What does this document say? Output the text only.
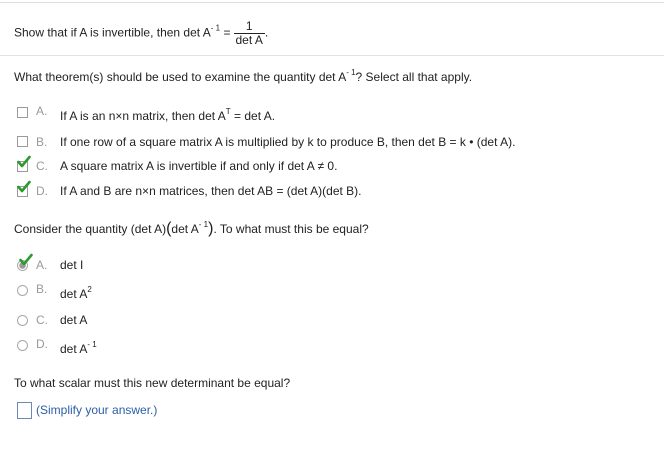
Show that if A is invertible, then $\det A^{- 1} = \frac{1}{\text{det A}}$ .
What theorem(s) should be used to examine the quantity $\det A^{- 1}$? Select all that apply.
A. If A is an n×n matrix, then $\det A^T = \det A$.
B. If one row of a square matrix A is multiplied by k to produce B, then det B = k • (det A).
C. A square matrix A is invertible if and only if det A ≠ 0.
D. If A and B are n×n matrices, then det AB = (det A)(det B).
Consider the quantity (det A)(det $A^{- 1}$). To what must this be equal?
A. det I
B. $\det A^2$
C. det A
D. $\det A^{- 1}$
To what scalar must this new determinant be equal?
(Simplify your answer.)
